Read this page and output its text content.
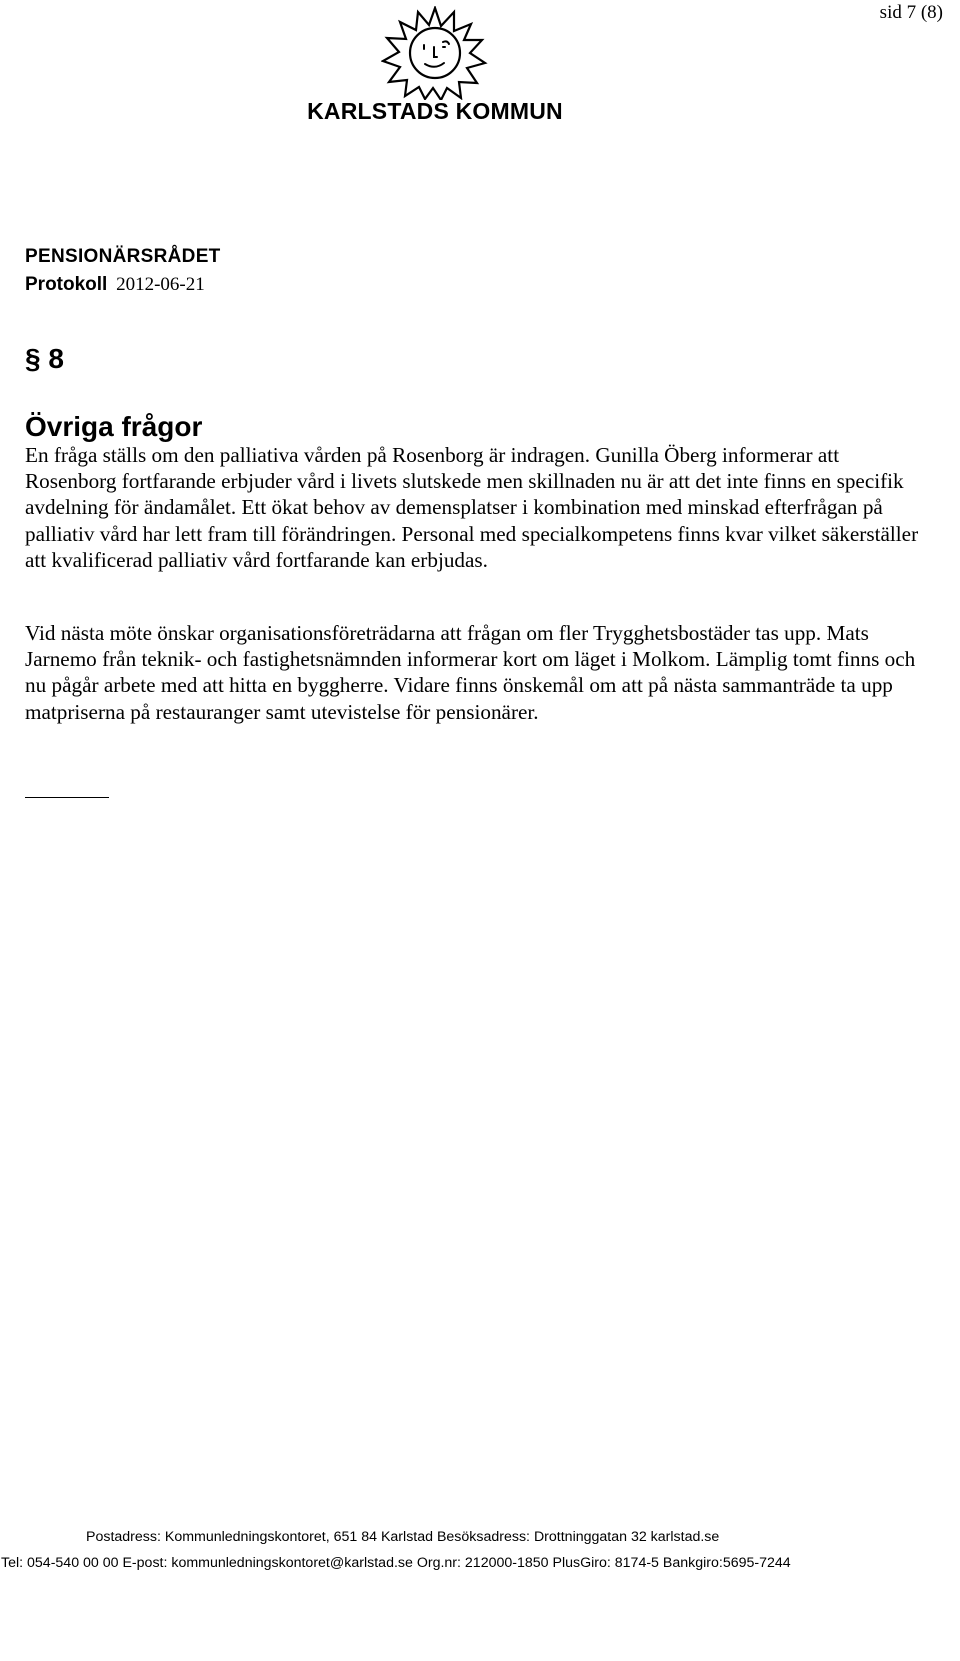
sid 7 (8)
KARLSTADS KOMMUN
PENSIONÄRSRÅDET
Protokoll 2012-06-21
§ 8
Övriga frågor

En fråga ställs om den palliativa vården på Rosenborg är indragen. Gunilla Öberg informerar att Rosenborg fortfarande erbjuder vård i livets slutskede men skillnaden nu är att det inte finns en specifik avdelning för ändamålet. Ett ökat behov av demensplatser i kombination med minskad efterfrågan på palliativ vård har lett fram till förändringen. Personal med specialkompetens finns kvar vilket säkerställer att kvalificerad palliativ vård fortfarande kan erbjudas.

Vid nästa möte önskar organisationsföreträdarna att frågan om fler Trygghetsbostäder tas upp. Mats Jarnemo från teknik- och fastighetsnämnden informerar kort om läget i Molkom. Lämplig tomt finns och nu pågår arbete med att hitta en byggherre. Vidare finns önskemål om att på nästa sammanträde ta upp matpriserna på restauranger samt utevistelse för pensionärer.

Postadress: Kommunledningskontoret, 651 84 Karlstad Besöksadress: Drottninggatan 32 karlstad.se
Tel: 054-540 00 00 E-post: kommunledningskontoret@karlstad.se Org.nr: 212000-1850 PlusGiro: 8174-5 Bankgiro:5695-7244
